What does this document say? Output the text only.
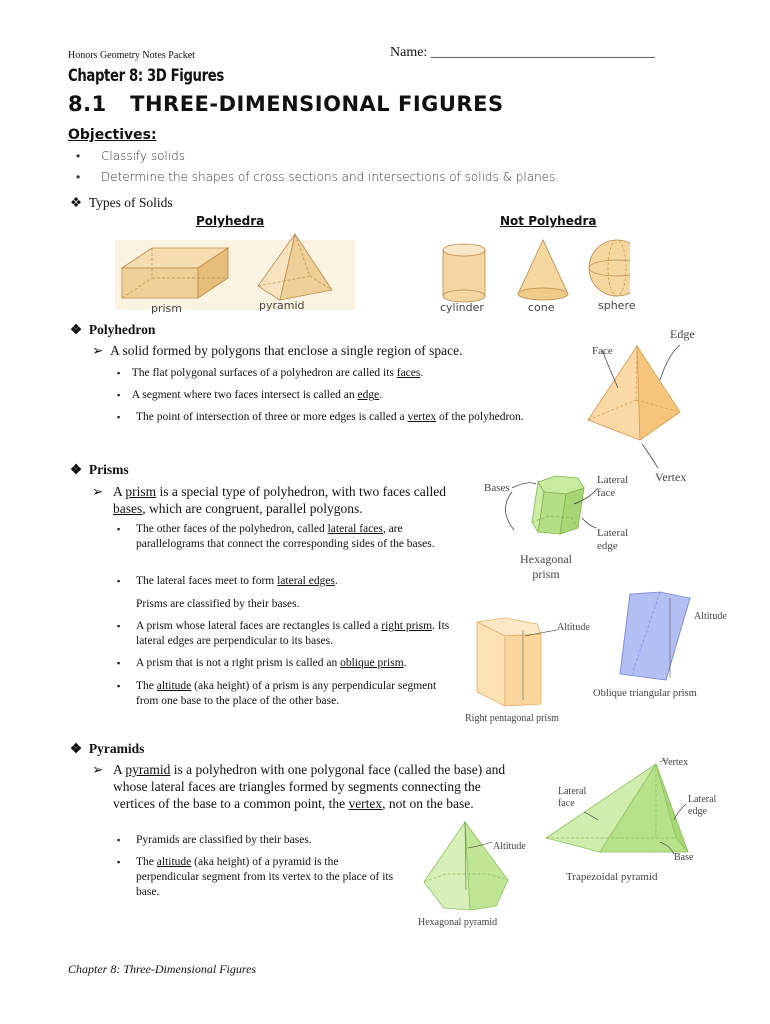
Honors Geometry Notes Packet	Name: ________________________________
Chapter 8: 3D Figures
8.1   THREE-DIMENSIONAL FIGURES
Objectives:
• Classify solids
• Determine the shapes of cross sections and intersections of solids & planes.
❖  Types of Solids
Polyhedra	Not Polyhedra
prism	pyramid	cylinder	cone	sphere
❖  Polyhedron
➢  A solid formed by polygons that enclose a single region of space.
▪ The flat polygonal surfaces of a polyhedron are called its faces.
▪ A segment where two faces intersect is called an edge.
▪	The point of intersection of three or more edges is called a vertex of the polyhedron.
Face
Edge
Vertex
❖  Prisms
➢ A prism is a special type of polyhedron, with two faces called bases, which are congruent, parallel polygons.
▪ The other faces of the polyhedron, called lateral faces, are parallelograms that connect the corresponding sides of the bases.
▪ The lateral faces meet to form lateral edges.
Prisms are classified by their bases.
▪ A prism whose lateral faces are rectangles is called a right prism. Its lateral edges are perpendicular to its bases.
▪ A prism that is not a right prism is called an oblique prism.
▪ The altitude (aka height) of a prism is any perpendicular segment from one base to the place of the other base.
Bases
Lateral face
Lateral edge
Hexagonal prism
Altitude
Right pentagonal prism
Altitude
Oblique triangular prism
❖  Pyramids
➢ A pyramid is a polyhedron with one polygonal face (called the base) and whose lateral faces are triangles formed by segments connecting the vertices of the base to a common point, the vertex, not on the base.
▪ Pyramids are classified by their bases.
▪ The altitude (aka height) of a pyramid is the perpendicular segment from its vertex to the place of its base.
Altitude
Hexagonal pyramid
Vertex
Lateral face	Lateral edge
Base
Trapezoidal pyramid
Chapter 8: Three-Dimensional Figures
